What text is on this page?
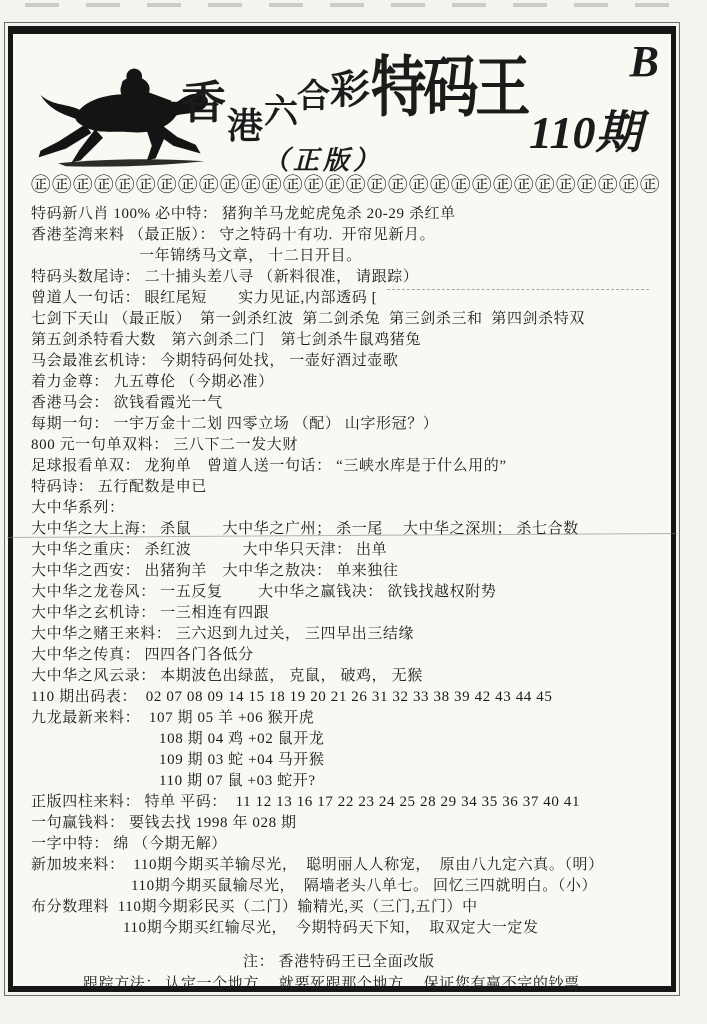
B
香 港 六 合 彩 特码王
110期
（正版）
㊣㊣㊣㊣㊣㊣㊣㊣㊣㊣㊣㊣㊣㊣㊣㊣㊣㊣㊣㊣㊣㊣㊣㊣㊣㊣㊣㊣㊣㊣
特码新八肖 100% 必中特： 猪狗羊马龙蛇虎兔杀 20-29 杀红单
香港荃湾来料 （最正版）： 守之特码十有功.  开帘见新月。
一年锦绣马文章， 十二日开目。
特码头数尾诗： 二十捕头差八寻 （新料很准， 请跟踪）
曾道人一句话： 眼红尾短　　实力见证,内部透码 [
七剑下天山 （最正版）  第一剑杀红波  第二剑杀兔  第三剑杀三和  第四剑杀特双
第五剑杀特看大数　第六剑杀二门　第七剑杀牛鼠鸡猪兔
马会最准玄机诗： 今期特码何处找， 一壶好酒过壶歌
着力金尊： 九五尊伦 （今期必准）
香港马会： 欲钱看霞光一气
每期一句： 一宇万金十二划 四零立场 （配） 山字形冠？）
800 元一句单双料： 三八下二一发大财
足球报看单双： 龙狗单　曾道人送一句话： “三峡水库是于什么用的”
特码诗： 五行配数是申已
大中华系列：
大中华之大上海： 杀鼠　　大中华之广州； 杀一尾　 大中华之深圳； 杀七合数
大中华之重庆： 杀红波　　　 大中华只天津： 出单
大中华之西安： 出猪狗羊　大中华之敖决： 单来独往
大中华之龙卷风： 一五反复　　 大中华之赢钱决： 欲钱找越权附势
大中华之玄机诗： 一三相连有四跟
大中华之赌王来料： 三六迟到九过关， 三四早出三结缘
大中华之传真： 四四各门各低分
大中华之风云录： 本期波色出绿蓝， 克鼠， 破鸡， 无猴
110 期出码表：  02 07 08 09 14 15 18 19 20 21 26 31 32 33 38 39 42 43 44 45
九龙最新来料：  107 期 05 羊 +06 猴开虎
108 期 04 鸡 +02 鼠开龙
109 期 03 蛇 +04 马开猴
110 期 07 鼠 +03 蛇开?
正版四柱来料： 特单 平码：  11 12 13 16 17 22 23 24 25 28 29 34 35 36 37 40 41
一句赢钱料： 要钱去找 1998 年 028 期
一字中特： 绵 （今期无解）
新加坡来料：  110期今期买羊输尽光，  聪明丽人人称宠，  原由八九定六真。（明）
110期今期买鼠输尽光，  隔墙老头八单七。 回忆三四就明白。（小）
布分数理料  110期今期彩民买（二门）输精光,买（三门,五门）中
110期今期买红输尽光，  今期特码天下知，  取双定大一定发
注： 香港特码王已全面改版
跟踪方法： 认定一个地方， 就要死跟那个地方， 保证您有赢不完的钞票
